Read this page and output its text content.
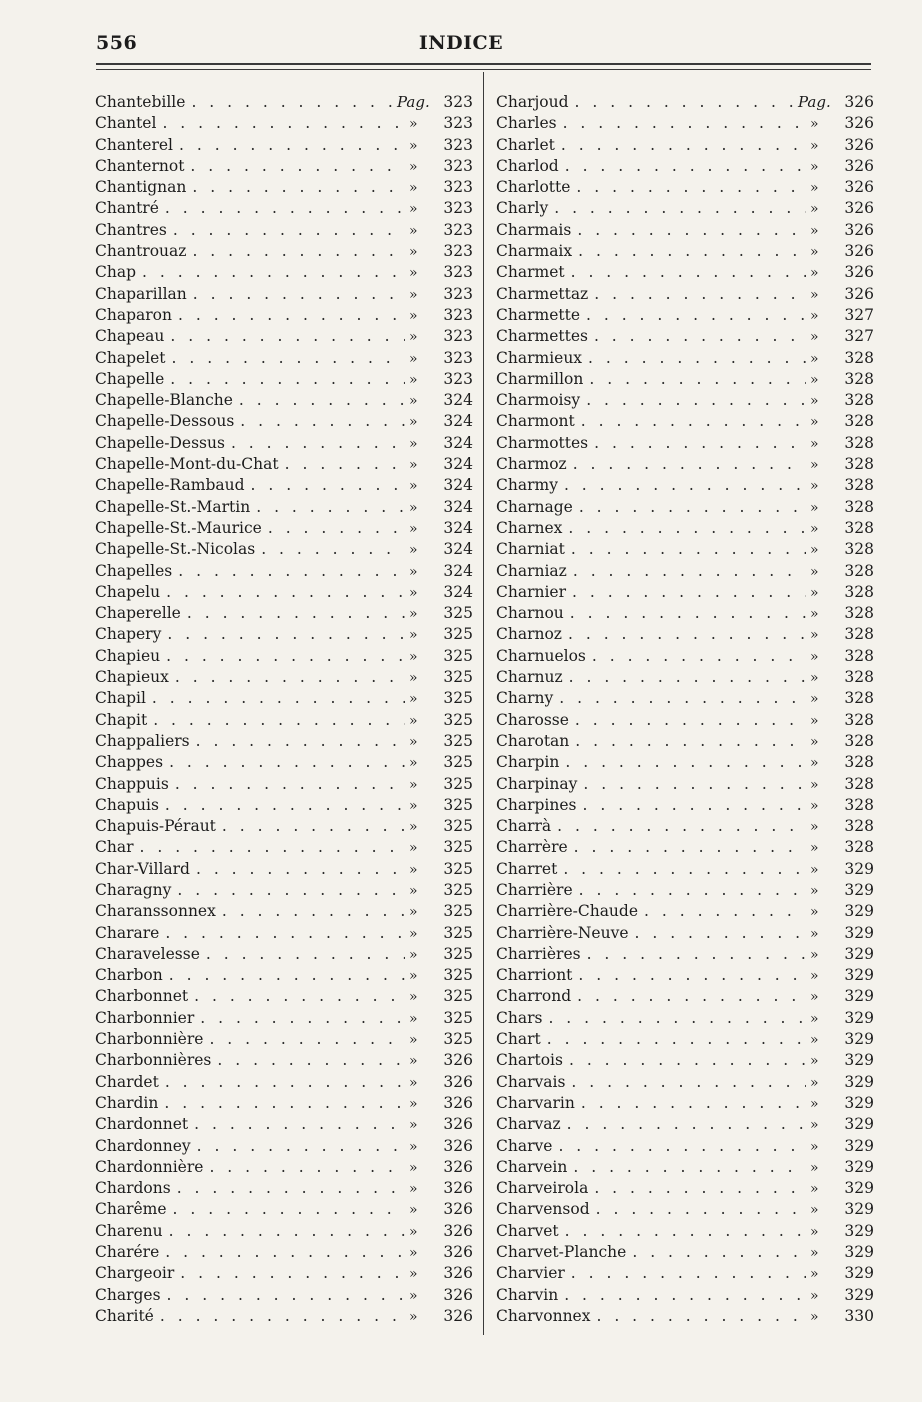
556	INDICE
Chantebille . . .	Pag. 323
Chantel . . .	»	323
Chanterel . . .	»	323
Chanternot . . .	»	323
Chantignan . . .	»	323
Chantré . . .	»	323
Chantres . . .	»	323
Chantrouaz . . .	»	323
Chap . . .	»	323
Chaparillan . . .	»	323
Chaparon . . .	»	323
Chapeau . . .	»	323
Chapelet . . .	»	323
Chapelle . . .	»	323
Chapelle-Blanche . . .	»	324
Chapelle-Dessous . . .	»	324
Chapelle-Dessus . . .	»	324
Chapelle-Mont-du-Chat . . .	»	324
Chapelle-Rambaud . . .	»	324
Chapelle-St.-Martin . . .	»	324
Chapelle-St.-Maurice . . .	»	324
Chapelle-St.-Nicolas . . .	»	324
Chapelles . . .	»	324
Chapelu . . .	»	324
Chaperelle . . .	»	325
Chapery . . .	»	325
Chapieu . . .	»	325
Chapieux . . .	»	325
Chapil . . .	»	325
Chapit . . .	»	325
Chappaliers . . .	»	325
Chappes . . .	»	325
Chappuis . . .	»	325
Chapuis . . .	»	325
Chapuis-Péraut . . .	»	325
Char . . .	»	325
Char-Villard . . .	»	325
Charagny . . .	»	325
Charanssonnex . . .	»	325
Charare . . .	»	325
Charavelesse . . .	»	325
Charbon . . .	»	325
Charbonnet . . .	»	325
Charbonnier . . .	»	325
Charbonnière . . .	»	325
Charbonnières . . .	»	326
Chardet . . .	»	326
Chardin . . .	»	326
Chardonnet . . .	»	326
Chardonney . . .	»	326
Chardonnière . . .	»	326
Chardons . . .	»	326
Charême . . .	»	326
Charenu . . .	»	326
Charére . . .	»	326
Chargeoir . . .	»	326
Charges . . .	»	326
Charité . . .	»	326
Charjoud . . .	Pag. 326
Charles . . .	»	326
Charlet . . .	»	326
Charlod . . .	»	326
Charlotte . . .	»	326
Charly . . .	»	326
Charmais . . .	»	326
Charmaix . . .	»	326
Charmet . . .	»	326
Charmettaz . . .	»	326
Charmette . . .	»	327
Charmettes . . .	»	327
Charmieux . . .	»	328
Charmillon . . .	»	328
Charmoisy . . .	»	328
Charmont . . .	»	328
Charmottes . . .	»	328
Charmoz . . .	»	328
Charmy . . .	»	328
Charnage . . .	»	328
Charnex . . .	»	328
Charniat . . .	»	328
Charniaz . . .	»	328
Charnier . . .	»	328
Charnou . . .	»	328
Charnoz . . .	»	328
Charnuelos . . .	»	328
Charnuz . . .	»	328
Charny . . .	»	328
Charosse . . .	»	328
Charotan . . .	»	328
Charpin . . .	»	328
Charpinay . . .	»	328
Charpines . . .	»	328
Charrà . . .	»	328
Charrère . . .	»	328
Charret . . .	»	329
Charrière . . .	»	329
Charrière-Chaude . . .	»	329
Charrière-Neuve . . .	»	329
Charrières . . .	»	329
Charriont . . .	»	329
Charrond . . .	»	329
Chars . . .	»	329
Chart . . .	»	329
Chartois . . .	»	329
Charvais . . .	»	329
Charvarin . . .	»	329
Charvaz . . .	»	329
Charve . . .	»	329
Charvein . . .	»	329
Charveirola . . .	»	329
Charvensod . . .	»	329
Charvet . . .	»	329
Charvet-Planche . . .	»	329
Charvier . . .	»	329
Charvin . . .	»	329
Charvonnex . . .	»	330
